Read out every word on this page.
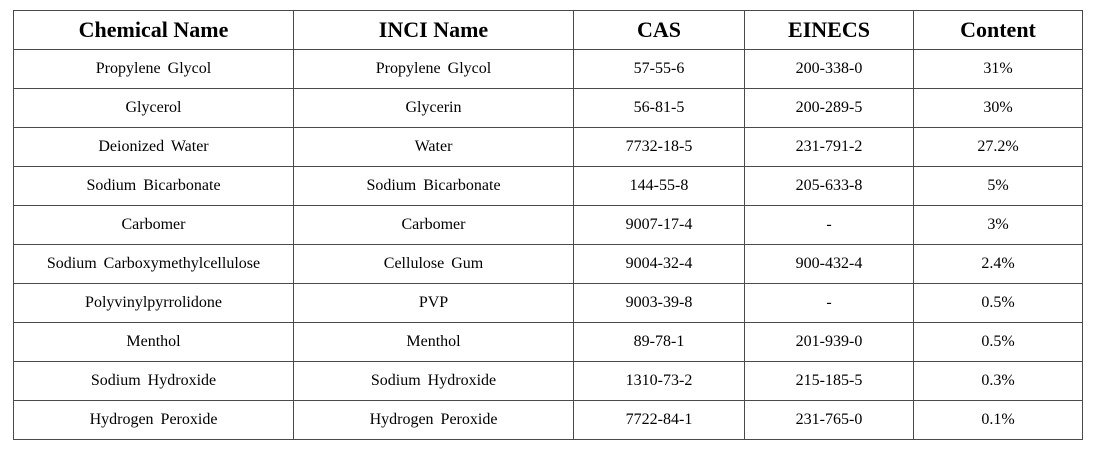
Chemical Name	INCI Name	CAS	EINECS	Content
Propylene Glycol	Propylene Glycol	57-55-6	200-338-0	31%
Glycerol	Glycerin	56-81-5	200-289-5	30%
Deionized Water	Water	7732-18-5	231-791-2	27.2%
Sodium Bicarbonate	Sodium Bicarbonate	144-55-8	205-633-8	5%
Carbomer	Carbomer	9007-17-4	-	3%
Sodium Carboxymethylcellulose	Cellulose Gum	9004-32-4	900-432-4	2.4%
Polyvinylpyrrolidone	PVP	9003-39-8	-	0.5%
Menthol	Menthol	89-78-1	201-939-0	0.5%
Sodium Hydroxide	Sodium Hydroxide	1310-73-2	215-185-5	0.3%
Hydrogen Peroxide	Hydrogen Peroxide	7722-84-1	231-765-0	0.1%
